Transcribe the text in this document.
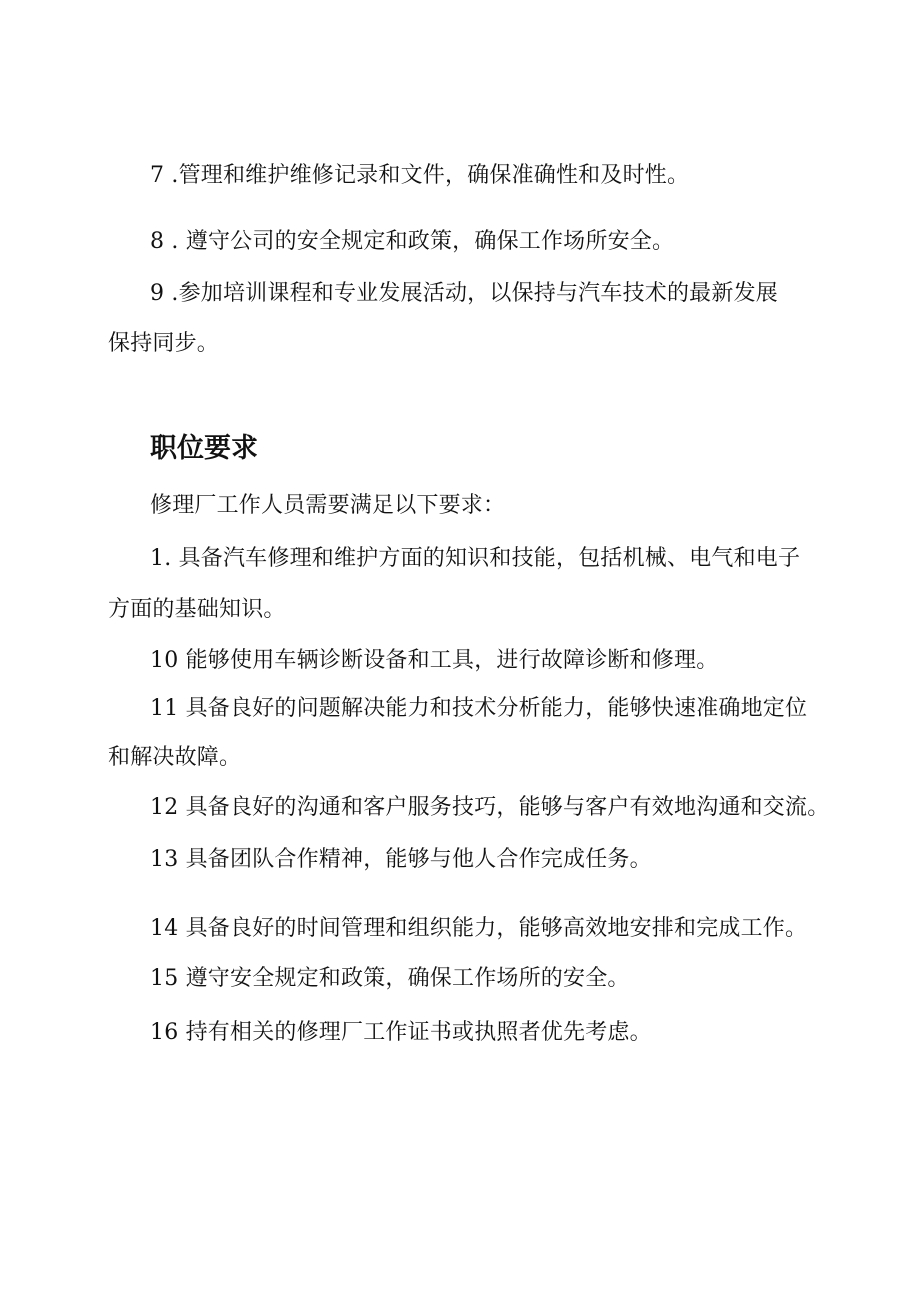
7 .管理和维护维修记录和文件，确保准确性和及时性。
8 . 遵守公司的安全规定和政策，确保工作场所安全。
9 .参加培训课程和专业发展活动，以保持与汽车技术的最新发展
保持同步。
职位要求
修理厂工作人员需要满足以下要求：
1. 具备汽车修理和维护方面的知识和技能，包括机械、电气和电子
方面的基础知识。
10 能够使用车辆诊断设备和工具，进行故障诊断和修理。
11 具备良好的问题解决能力和技术分析能力，能够快速准确地定位
和解决故障。
12 具备良好的沟通和客户服务技巧，能够与客户有效地沟通和交流。
13 具备团队合作精神，能够与他人合作完成任务。
14 具备良好的时间管理和组织能力，能够高效地安排和完成工作。
15 遵守安全规定和政策，确保工作场所的安全。
16 持有相关的修理厂工作证书或执照者优先考虑。
